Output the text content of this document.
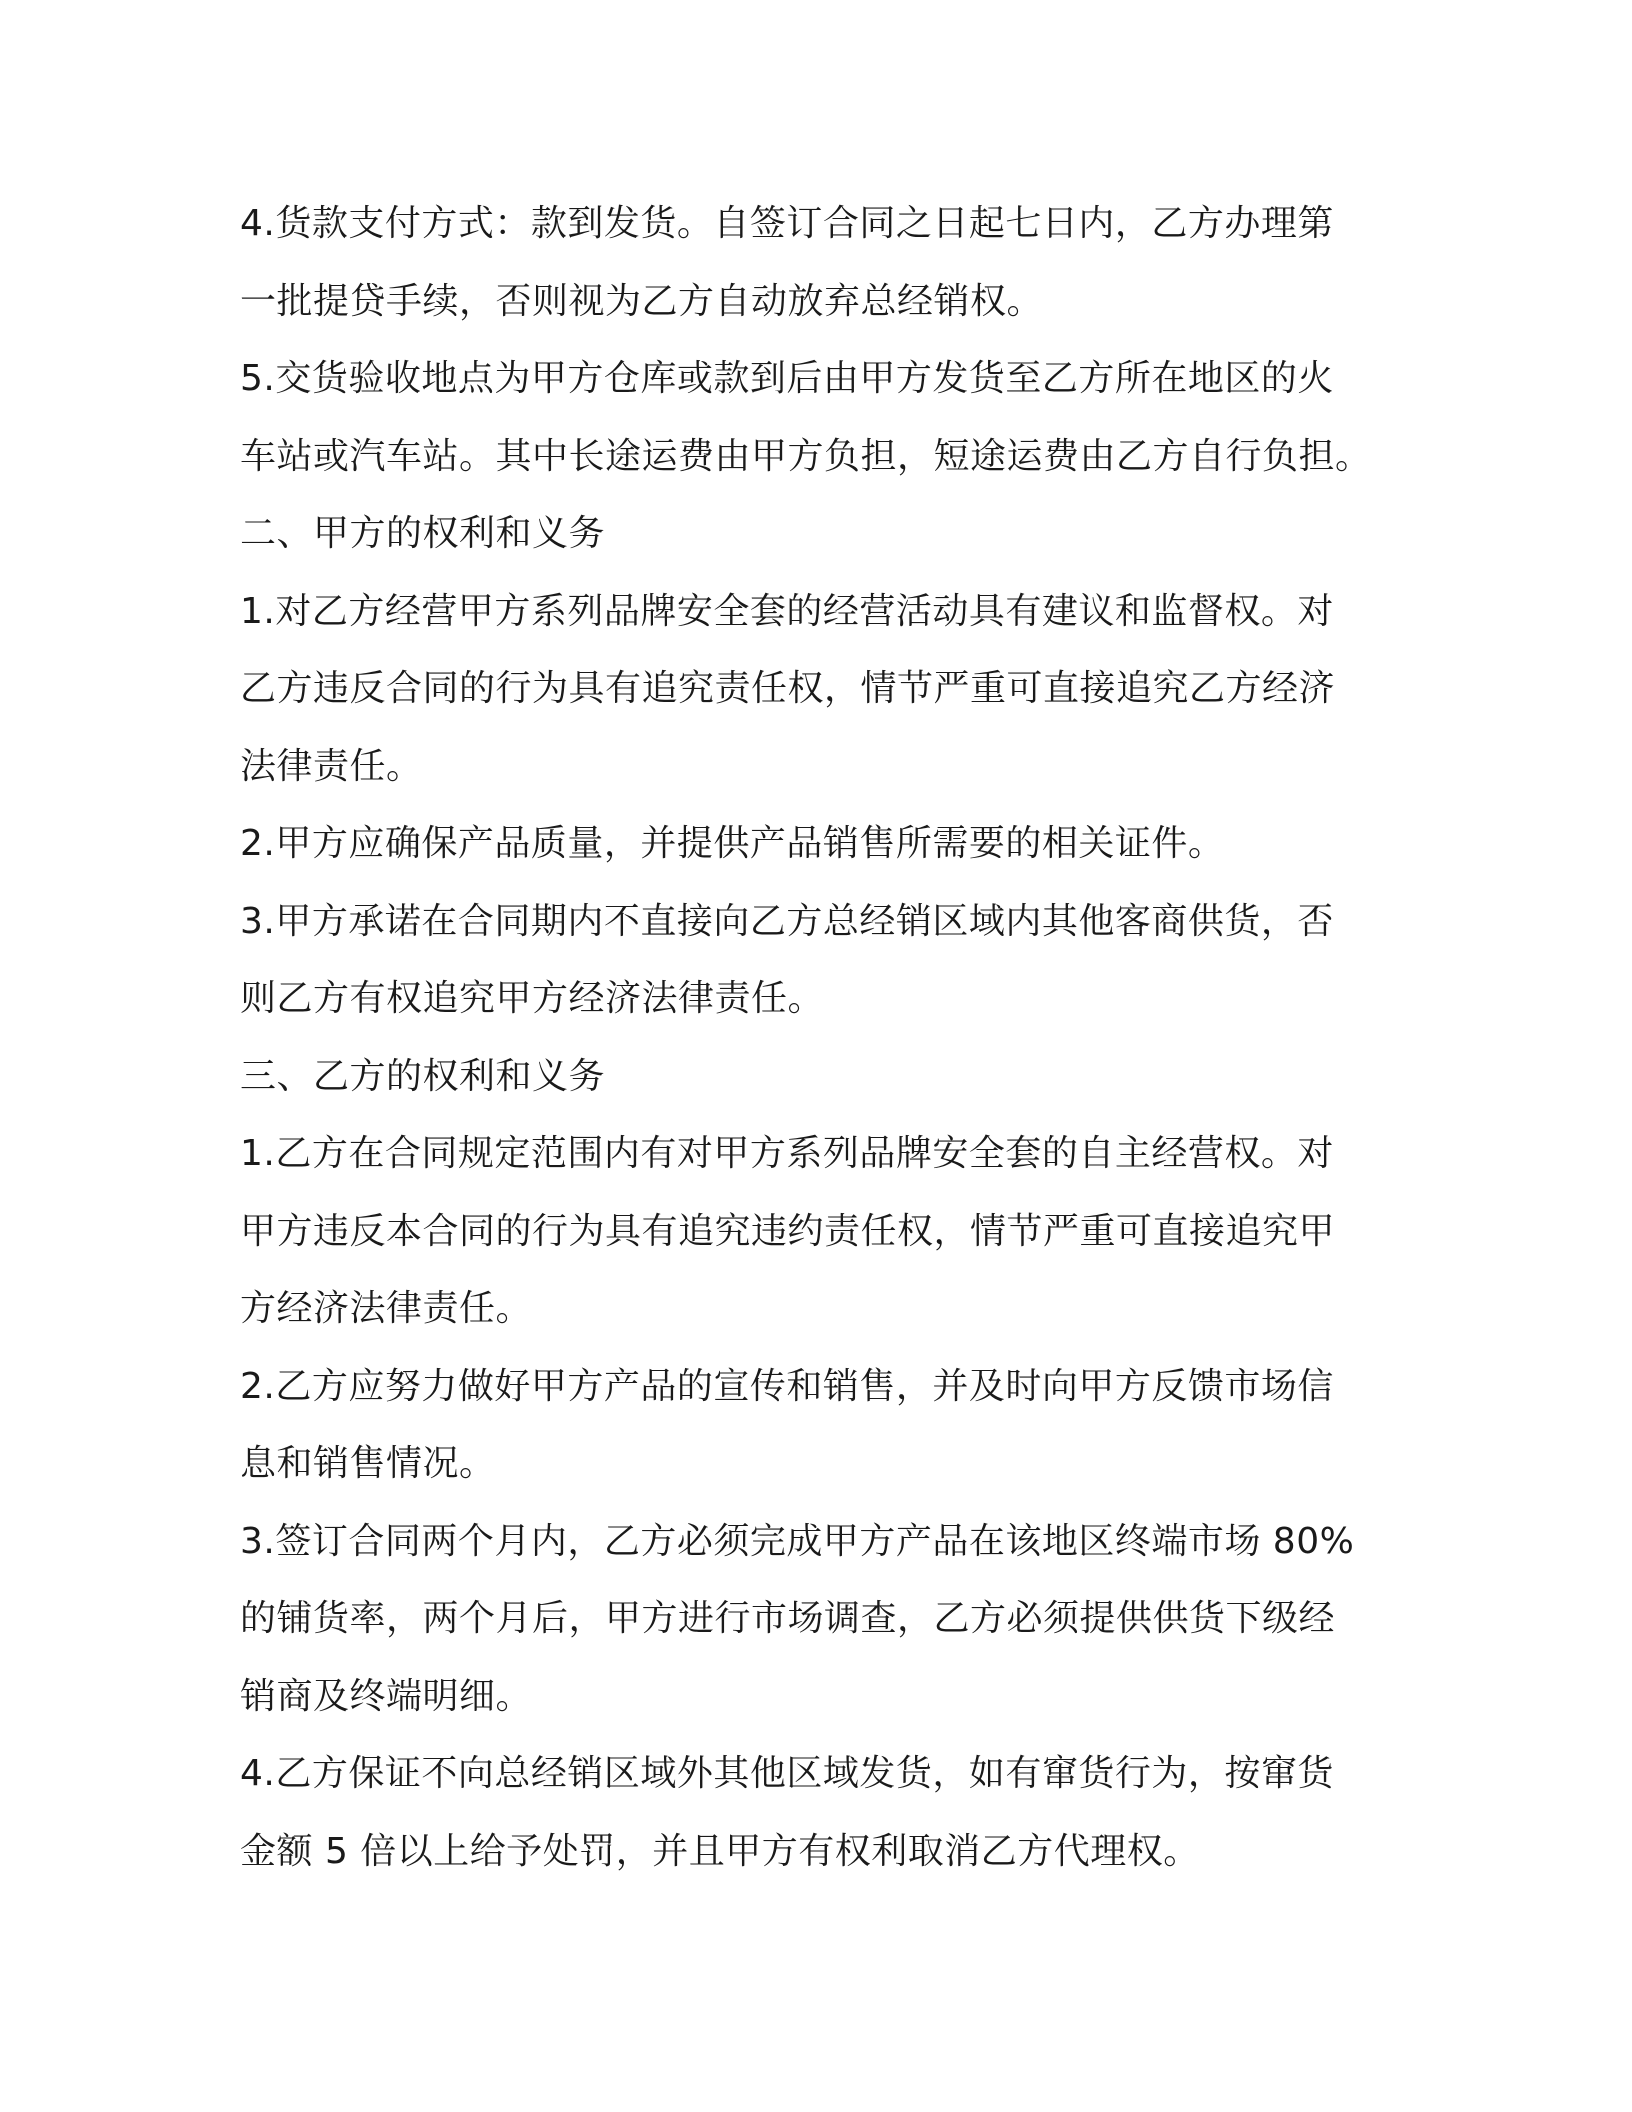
4.货款支付方式：款到发货。自签订合同之日起七日内，乙方办理第
一批提贷手续，否则视为乙方自动放弃总经销权。
5.交货验收地点为甲方仓库或款到后由甲方发货至乙方所在地区的火
车站或汽车站。其中长途运费由甲方负担，短途运费由乙方自行负担。
二、甲方的权利和义务
1.对乙方经营甲方系列品牌安全套的经营活动具有建议和监督权。对
乙方违反合同的行为具有追究责任权，情节严重可直接追究乙方经济
法律责任。
2.甲方应确保产品质量，并提供产品销售所需要的相关证件。
3.甲方承诺在合同期内不直接向乙方总经销区域内其他客商供货，否
则乙方有权追究甲方经济法律责任。
三、乙方的权利和义务
1.乙方在合同规定范围内有对甲方系列品牌安全套的自主经营权。对
甲方违反本合同的行为具有追究违约责任权，情节严重可直接追究甲
方经济法律责任。
2.乙方应努力做好甲方产品的宣传和销售，并及时向甲方反馈市场信
息和销售情况。
3.签订合同两个月内，乙方必须完成甲方产品在该地区终端市场 80%
的铺货率，两个月后，甲方进行市场调查，乙方必须提供供货下级经
销商及终端明细。
4.乙方保证不向总经销区域外其他区域发货，如有窜货行为，按窜货
金额 5 倍以上给予处罚，并且甲方有权利取消乙方代理权。
